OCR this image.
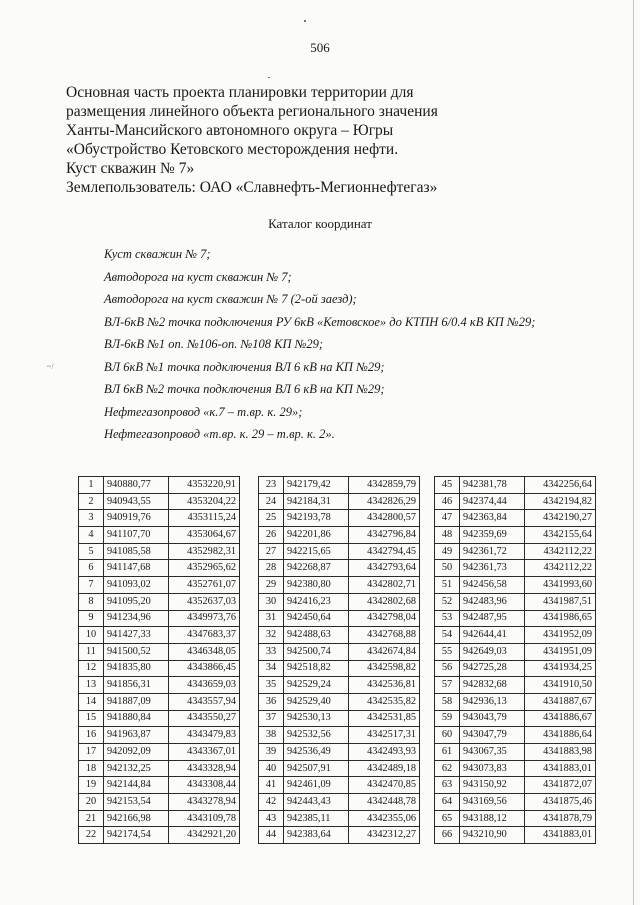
506
Основная часть проекта планировки территории для
размещения линейного объекта регионального значения
Ханты-Мансийского автономного округа – Югры
«Обустройство Кетовского месторождения нефти.
Куст скважин № 7»
Землепользователь: ОАО «Славнефть-Мегионнефтегаз»
Каталог координат
Куст скважин № 7;
Автодорога на куст скважин № 7;
Автодорога на куст скважин № 7 (2-ой заезд);
ВЛ-6кВ №2 точка подключения РУ 6кВ «Кетовское» до КТПН 6/0.4 кВ КП №29;
ВЛ-6кВ №1 оп. №106-оп. №108 КП №29;
ВЛ 6кВ №1 точка подключения ВЛ 6 кВ на КП №29;
ВЛ 6кВ №2 точка подключения ВЛ 6 кВ на КП №29;
Нефтегазопровод «к.7 – т.вр. к. 29»;
Нефтегазопровод «т.вр. к. 29 – т.вр. к. 2».
~/
1	940880,77	4353220,91
2	940943,55	4353204,22
3	940919,76	4353115,24
4	941107,70	4353064,67
5	941085,58	4352982,31
6	941147,68	4352965,62
7	941093,02	4352761,07
8	941095,20	4352637,03
9	941234,96	4349973,76
10	941427,33	4347683,37
11	941500,52	4346348,05
12	941835,80	4343866,45
13	941856,31	4343659,03
14	941887,09	4343557,94
15	941880,84	4343550,27
16	941963,87	4343479,83
17	942092,09	4343367,01
18	942132,25	4343328,94
19	942144,84	4343308,44
20	942153,54	4343278,94
21	942166,98	4343109,78
22	942174,54	4342921,20
23	942179,42	4342859,79
24	942184,31	4342826,29
25	942193,78	4342800,57
26	942201,86	4342796,84
27	942215,65	4342794,45
28	942268,87	4342793,64
29	942380,80	4342802,71
30	942416,23	4342802,68
31	942450,64	4342798,04
32	942488,63	4342768,88
33	942500,74	4342674,84
34	942518,82	4342598,82
35	942529,24	4342536,81
36	942529,40	4342535,82
37	942530,13	4342531,85
38	942532,56	4342517,31
39	942536,49	4342493,93
40	942507,91	4342489,18
41	942461,09	4342470,85
42	942443,43	4342448,78
43	942385,11	4342355,06
44	942383,64	4342312,27
45	942381,78	4342256,64
46	942374,44	4342194,82
47	942363,84	4342190,27
48	942359,69	4342155,64
49	942361,72	4342112,22
50	942361,73	4342112,22
51	942456,58	4341993,60
52	942483,96	4341987,51
53	942487,95	4341986,65
54	942644,41	4341952,09
55	942649,03	4341951,09
56	942725,28	4341934,25
57	942832,68	4341910,50
58	942936,13	4341887,67
59	943043,79	4341886,67
60	943047,79	4341886,64
61	943067,35	4341883,98
62	943073,83	4341883,01
63	943150,92	4341872,07
64	943169,56	4341875,46
65	943188,12	4341878,79
66	943210,90	4341883,01
